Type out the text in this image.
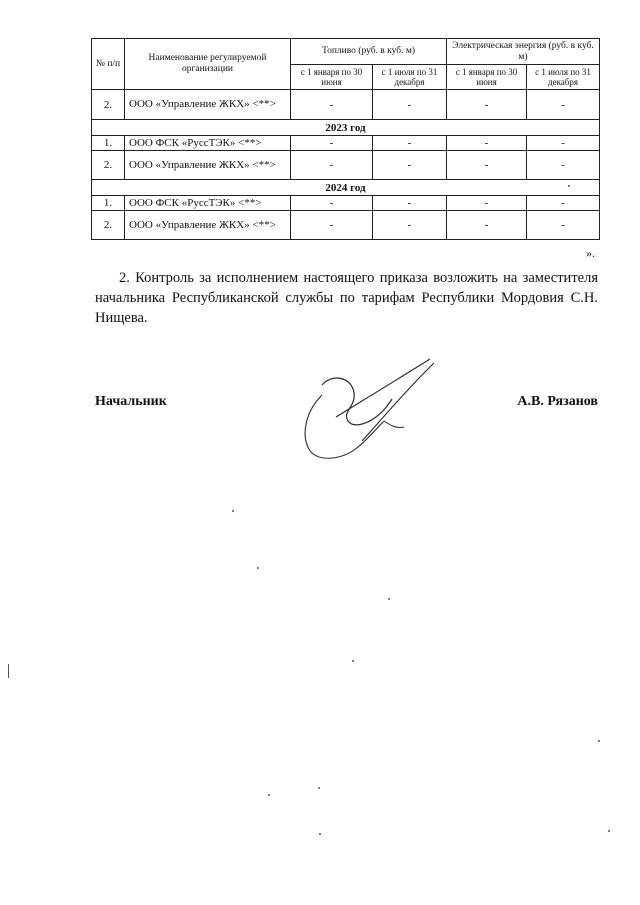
№ п/п	Наименование регулируемой организации	Топливо (руб. в куб. м)		Электрическая энергия (руб. в куб. м)	
		с 1 января по 30 июня	с 1 июля по 31 декабря	с 1 января по 30 июня	с 1 июля по 31 декабря
2.	ООО «Управление ЖКХ» <**>	-	-	-	-
2023 год					
1.	ООО ФСК «РуссТЭК» <**>	-	-	-	-
2.	ООО «Управление ЖКХ» <**>	-	-	-	-
2024 год					
1.	ООО ФСК «РуссТЭК» <**>	-	-	-	-
2.	ООО «Управление ЖКХ» <**>	-	-	-	-
».

2. Контроль за исполнением настоящего приказа возложить на заместителя начальника Республиканской службы по тарифам Республики Мордовия С.Н. Нищева.

Начальник	А.В. Рязанов
